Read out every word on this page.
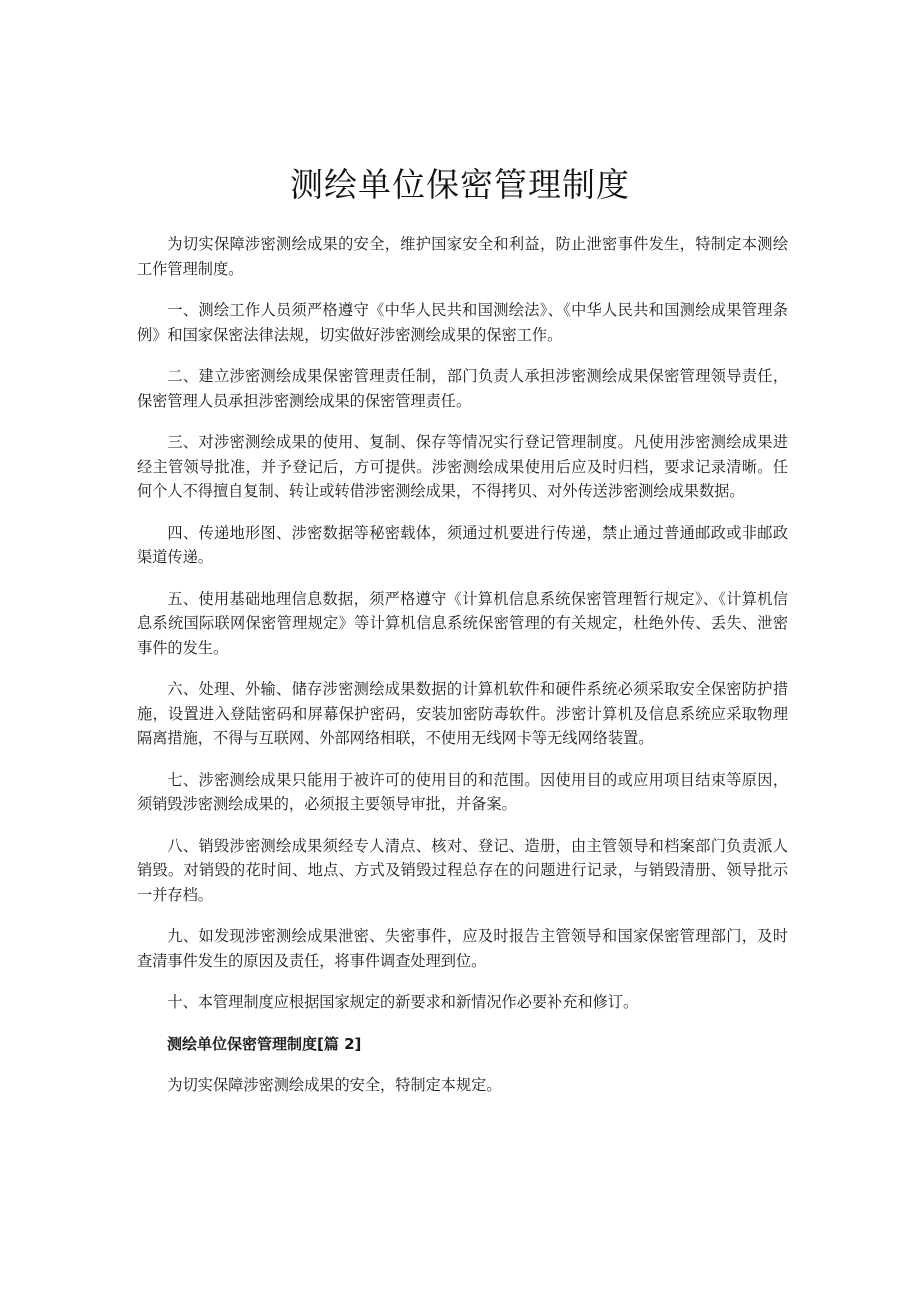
测绘单位保密管理制度

为切实保障涉密测绘成果的安全，维护国家安全和利益，防止泄密事件发生，特制定本测绘工作管理制度。

一、测绘工作人员须严格遵守《中华人民共和国测绘法》、《中华人民共和国测绘成果管理条例》和国家保密法律法规，切实做好涉密测绘成果的保密工作。

二、建立涉密测绘成果保密管理责任制，部门负责人承担涉密测绘成果保密管理领导责任，保密管理人员承担涉密测绘成果的保密管理责任。

三、对涉密测绘成果的使用、复制、保存等情况实行登记管理制度。凡使用涉密测绘成果进经主管领导批准，并予登记后，方可提供。涉密测绘成果使用后应及时归档，要求记录清晰。任何个人不得擅自复制、转让或转借涉密测绘成果，不得拷贝、对外传送涉密测绘成果数据。

四、传递地形图、涉密数据等秘密载体，须通过机要进行传递，禁止通过普通邮政或非邮政渠道传递。

五、使用基础地理信息数据，须严格遵守《计算机信息系统保密管理暂行规定》、《计算机信息系统国际联网保密管理规定》等计算机信息系统保密管理的有关规定，杜绝外传、丢失、泄密事件的发生。

六、处理、外输、储存涉密测绘成果数据的计算机软件和硬件系统必须采取安全保密防护措施，设置进入登陆密码和屏幕保护密码，安装加密防毒软件。涉密计算机及信息系统应采取物理隔离措施，不得与互联网、外部网络相联，不使用无线网卡等无线网络装置。

七、涉密测绘成果只能用于被许可的使用目的和范围。因使用目的或应用项目结束等原因，须销毁涉密测绘成果的，必须报主要领导审批，并备案。

八、销毁涉密测绘成果须经专人清点、核对、登记、造册，由主管领导和档案部门负责派人销毁。对销毁的花时间、地点、方式及销毁过程总存在的问题进行记录，与销毁清册、领导批示一并存档。

九、如发现涉密测绘成果泄密、失密事件，应及时报告主管领导和国家保密管理部门，及时查清事件发生的原因及责任，将事件调查处理到位。

十、本管理制度应根据国家规定的新要求和新情况作必要补充和修订。

测绘单位保密管理制度[篇 2]

为切实保障涉密测绘成果的安全，特制定本规定。
